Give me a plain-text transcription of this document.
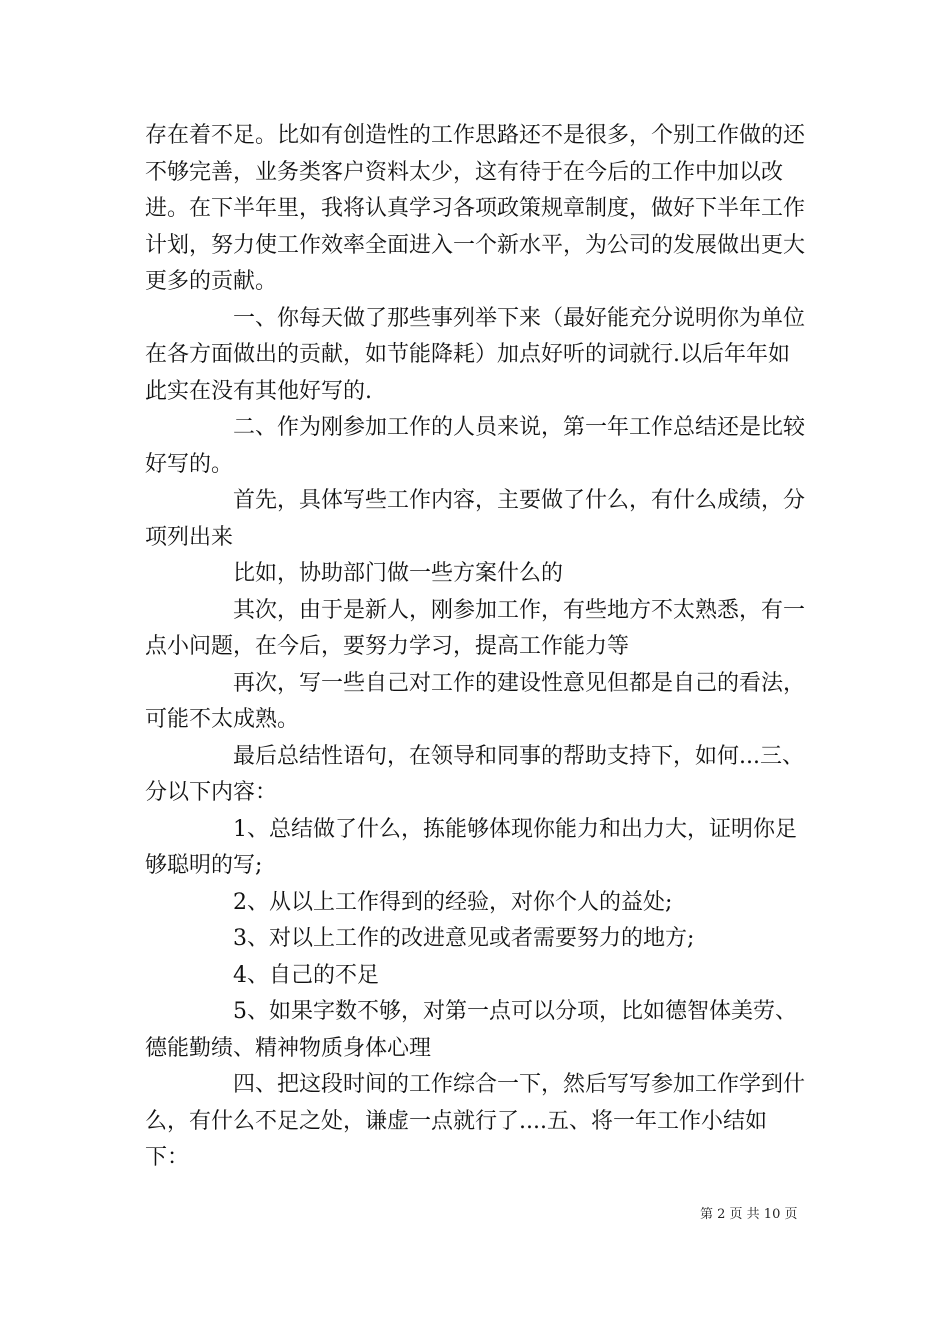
存在着不足。比如有创造性的工作思路还不是很多，个别工作做的还不够完善，业务类客户资料太少，这有待于在今后的工作中加以改进。在下半年里，我将认真学习各项政策规章制度，做好下半年工作计划，努力使工作效率全面进入一个新水平，为公司的发展做出更大更多的贡献。

　　　　一、你每天做了那些事列举下来（最好能充分说明你为单位在各方面做出的贡献，如节能降耗）加点好听的词就行.以后年年如此实在没有其他好写的.

　　　　二、作为刚参加工作的人员来说，第一年工作总结还是比较好写的。

　　　　首先，具体写些工作内容，主要做了什么，有什么成绩，分项列出来

　　　　比如，协助部门做一些方案什么的

　　　　其次，由于是新人，刚参加工作，有些地方不太熟悉，有一点小问题，在今后，要努力学习，提高工作能力等

　　　　再次，写一些自己对工作的建设性意见但都是自己的看法，可能不太成熟。

　　　　最后总结性语句，在领导和同事的帮助支持下，如何...三、分以下内容：

　　　　1、总结做了什么，拣能够体现你能力和出力大，证明你足够聪明的写;

　　　　2、从以上工作得到的经验，对你个人的益处;

　　　　3、对以上工作的改进意见或者需要努力的地方;

　　　　4、自己的不足

　　　　5、如果字数不够，对第一点可以分项，比如德智体美劳、德能勤绩、精神物质身体心理

　　　　四、把这段时间的工作综合一下，然后写写参加工作学到什么，有什么不足之处，谦虚一点就行了....五、将一年工作小结如下：

第 2 页 共 10 页
